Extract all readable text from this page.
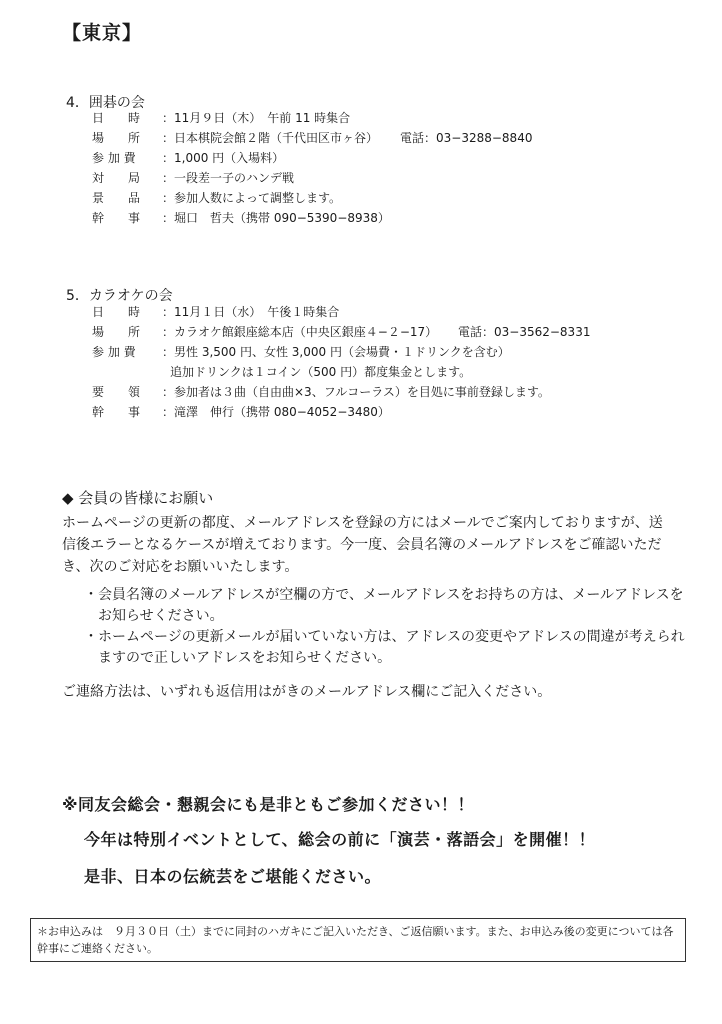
【東京】
4．囲碁の会
日　　時	：11月９日（木）　午前 11 時集合
場　　所	：日本棋院会館２階（千代田区市ヶ谷） 電話：03−3288−8840
参 加 費	：1,000 円（入場料）
対　　局	：一段差一子のハンデ戦
景　　品	：参加人数によって調整します。
幹　　事	：堀口　哲夫（携帯 090−5390−8938）
5．カラオケの会
日　　時	：11月１日（水）　午後１時集合
場　　所	：カラオケ館銀座総本店（中央区銀座４−２−17） 電話：03−3562−8331
参 加 費	：男性 3,500 円、女性 3,000 円（会場費・１ドリンクを含む）
追加ドリンクは１コイン（500 円）都度集金とします。
要　　領	：参加者は３曲（自由曲×3、フルコーラス）を目処に事前登録します。
幹　　事	：滝澤　伸行（携帯 080−4052−3480）
◆ 会員の皆様にお願い
ホームページの更新の都度、メールアドレスを登録の方にはメールでご案内しておりますが、送信後エラーとなるケースが増えております。今一度、会員名簿のメールアドレスをご確認いただき、次のご対応をお願いいたします。
・会員名簿のメールアドレスが空欄の方で、メールアドレスをお持ちの方は、メールアドレスをお知らせください。
・ホームページの更新メールが届いていない方は、アドレスの変更やアドレスの間違が考えられますので正しいアドレスをお知らせください。
ご連絡方法は、いずれも返信用はがきのメールアドレス欄にご記入ください。
※同友会総会・懇親会にも是非ともご参加ください！！
今年は特別イベントとして、総会の前に「演芸・落語会」を開催！！
是非、日本の伝統芸をご堪能ください。
＊お申込みは　９月３０日（土）までに同封のハガキにご記入いただき、ご返信願います。また、お申込み後の変更については各幹事にご連絡ください。
